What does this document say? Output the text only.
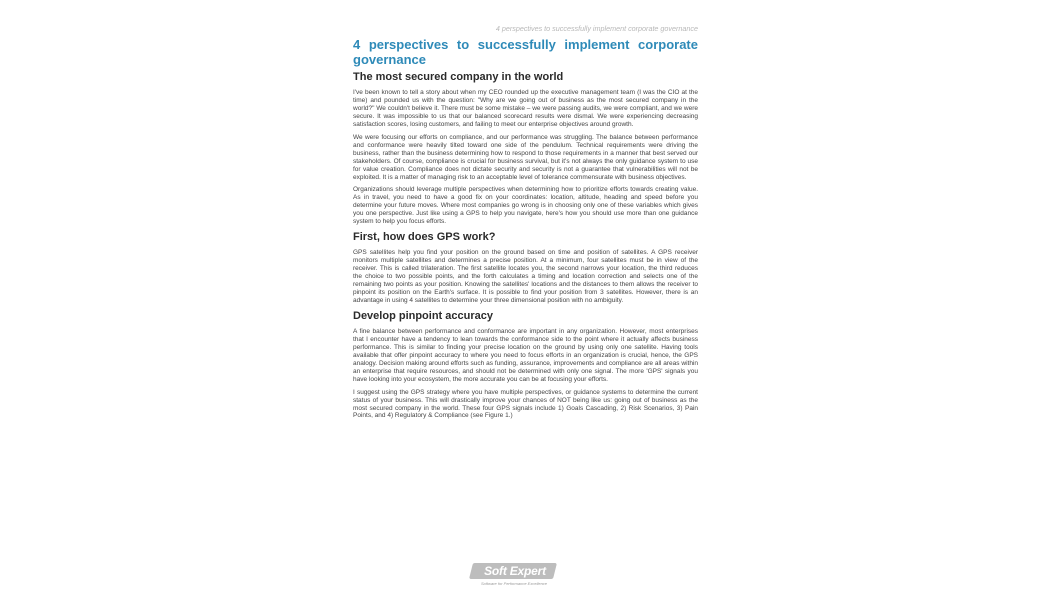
4 perspectives to successfully implement corporate governance
4 perspectives to successfully implement corporate governance
The most secured company in the world

I've been known to tell a story about when my CEO rounded up the executive management team (I was the CIO at the time) and pounded us with the question: "Why are we going out of business as the most secured company in the world?" We couldn't believe it. There must be some mistake – we were passing audits, we were compliant, and we were secure. It was impossible to us that our balanced scorecard results were dismal. We were experiencing decreasing satisfaction scores, losing customers, and failing to meet our enterprise objectives around growth.

We were focusing our efforts on compliance, and our performance was struggling. The balance between performance and conformance were heavily tilted toward one side of the pendulum. Technical requirements were driving the business, rather than the business determining how to respond to those requirements in a manner that best served our stakeholders. Of course, compliance is crucial for business survival, but it's not always the only guidance system to use for value creation. Compliance does not dictate security and security is not a guarantee that vulnerabilities will not be exploited. It is a matter of managing risk to an acceptable level of tolerance commensurate with business objectives.

Organizations should leverage multiple perspectives when determining how to prioritize efforts towards creating value. As in travel, you need to have a good fix on your coordinates: location, altitude, heading and speed before you determine your future moves. Where most companies go wrong is in choosing only one of these variables which gives you one perspective. Just like using a GPS to help you navigate, here's how you should use more than one guidance system to help you focus efforts.

First, how does GPS work?

GPS satellites help you find your position on the ground based on time and position of satellites. A GPS receiver monitors multiple satellites and determines a precise position. At a minimum, four satellites must be in view of the receiver. This is called trilateration. The first satellite locates you, the second narrows your location, the third reduces the choice to two possible points, and the forth calculates a timing and location correction and selects one of the remaining two points as your position. Knowing the satellites' locations and the distances to them allows the receiver to pinpoint its position on the Earth's surface. It is possible to find your position from 3 satellites. However, there is an advantage in using 4 satellites to determine your three dimensional position with no ambiguity.

Develop pinpoint accuracy

A fine balance between performance and conformance are important in any organization. However, most enterprises that I encounter have a tendency to lean towards the conformance side to the point where it actually affects business performance. This is similar to finding your precise location on the ground by using only one satellite. Having tools available that offer pinpoint accuracy to where you need to focus efforts in an organization is crucial, hence, the GPS analogy. Decision making around efforts such as funding, assurance, improvements and compliance are all areas within an enterprise that require resources, and should not be determined with only one signal. The more 'GPS' signals you have looking into your ecosystem, the more accurate you can be at focusing your efforts.

I suggest using the GPS strategy where you have multiple perspectives, or guidance systems to determine the current status of your business. This will drastically improve your chances of NOT being like us: going out of business as the most secured company in the world. These four GPS signals include 1) Goals Cascading, 2) Risk Scenarios, 3) Pain Points, and 4) Regulatory & Compliance (see Figure 1.)

Soft Expert
Software for Performance Excellence
